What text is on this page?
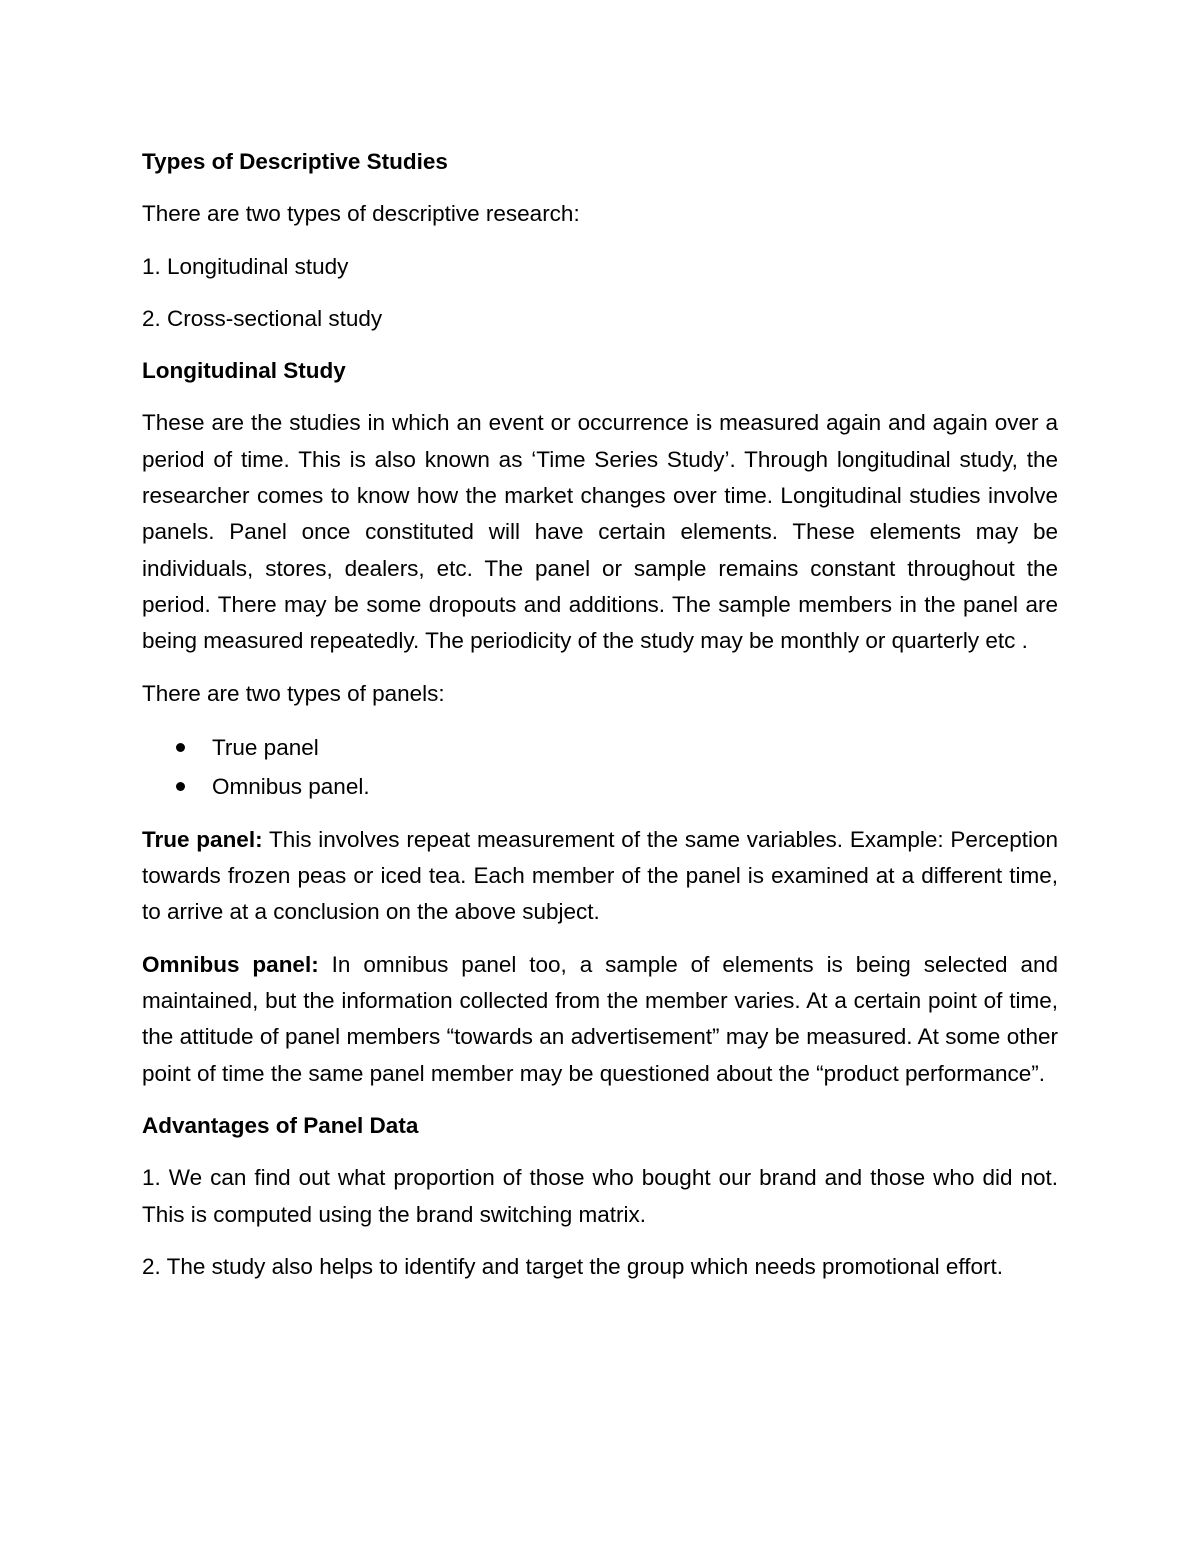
Types of Descriptive Studies

There are two types of descriptive research:

1. Longitudinal study

2. Cross-sectional study

Longitudinal Study

These are the studies in which an event or occurrence is measured again and again over a period of time. This is also known as ‘Time Series Study’. Through longitudinal study, the researcher comes to know how the market changes over time. Longitudinal studies involve panels. Panel once constituted will have certain elements. These elements may be individuals, stores, dealers, etc. The panel or sample remains constant throughout the period. There may be some dropouts and additions. The sample members in the panel are being measured repeatedly. The periodicity of the study may be monthly or quarterly etc .

There are two types of panels:

True panel
Omnibus panel.

True panel: This involves repeat measurement of the same variables. Example: Perception towards frozen peas or iced tea. Each member of the panel is examined at a different time, to arrive at a conclusion on the above subject.

Omnibus panel: In omnibus panel too, a sample of elements is being selected and maintained, but the information collected from the member varies. At a certain point of time, the attitude of panel members “towards an advertisement” may be measured. At some other point of time the same panel member may be questioned about the “product performance”.

Advantages of Panel Data

1. We can find out what proportion of those who bought our brand and those who did not. This is computed using the brand switching matrix.

2. The study also helps to identify and target the group which needs promotional effort.
